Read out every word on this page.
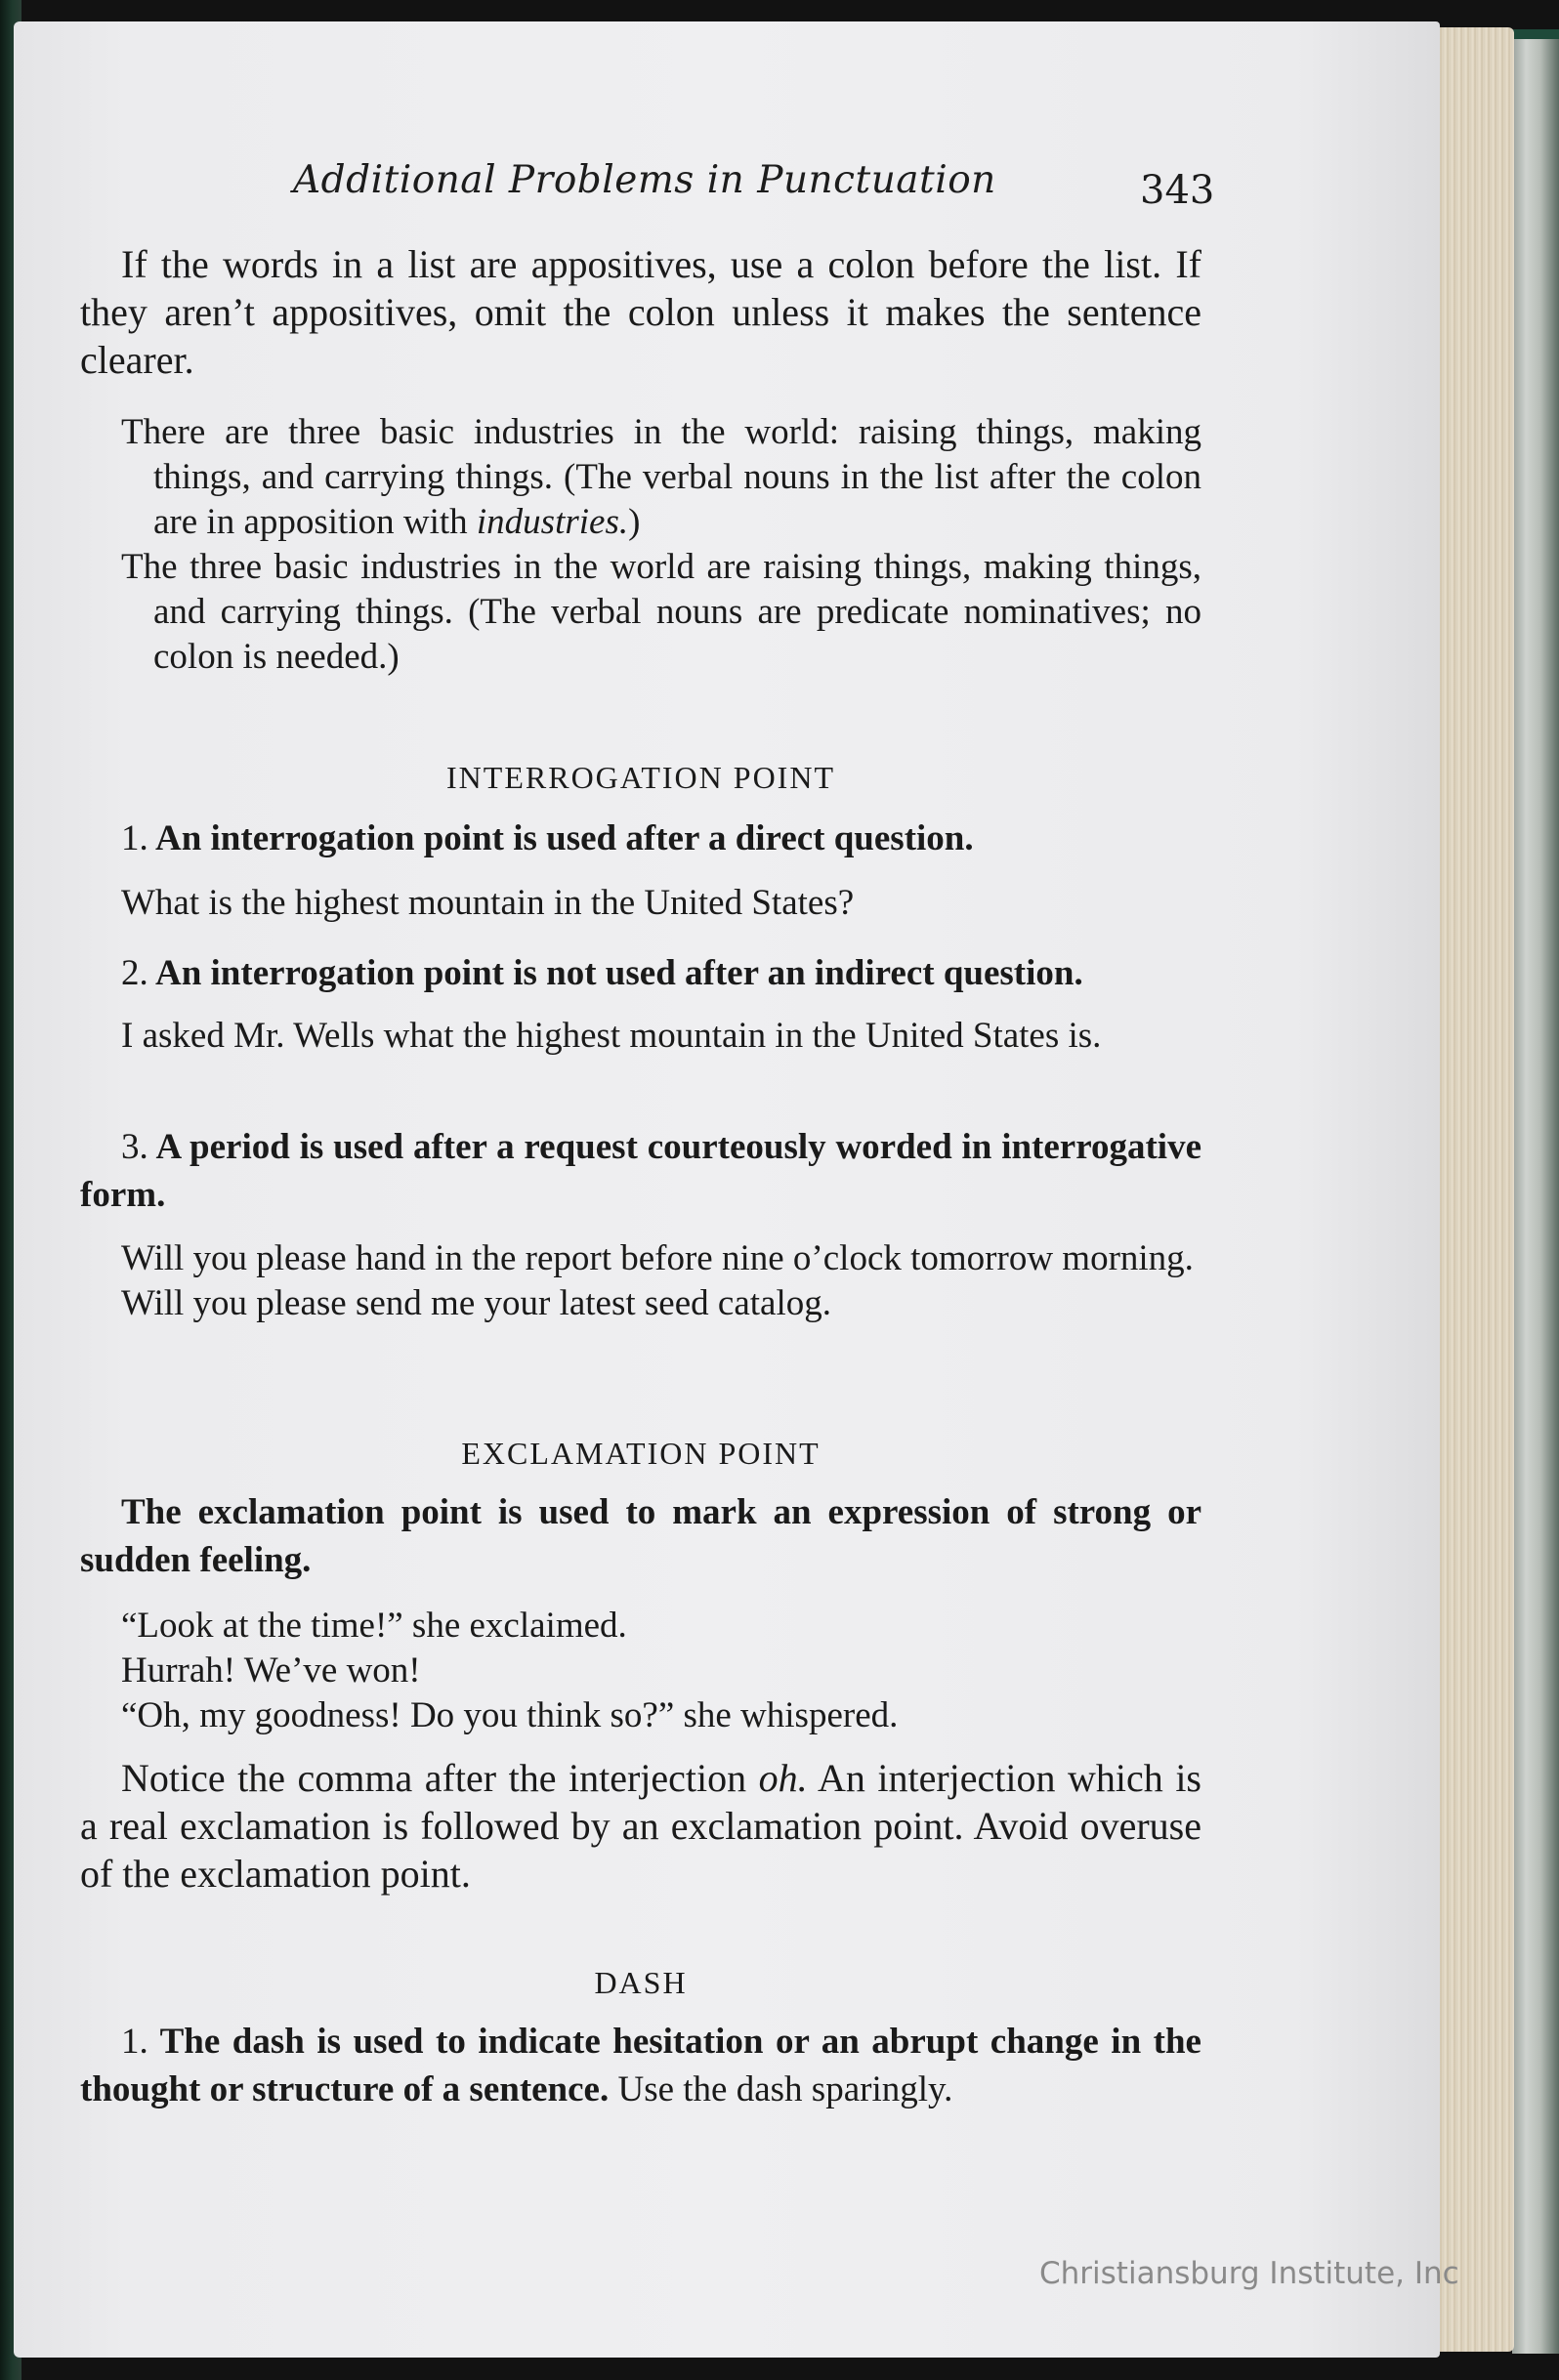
Additional Problems in Punctuation	343

If the words in a list are appositives, use a colon before the list. If they aren’t appositives, omit the colon unless it makes the sentence clearer.

There are three basic industries in the world: raising things, making things, and carrying things. (The verbal nouns in the list after the colon are in apposition with industries.)

The three basic industries in the world are raising things, making things, and carrying things. (The verbal nouns are predicate nominatives; no colon is needed.)

INTERROGATION POINT

1. An interrogation point is used after a direct question.

What is the highest mountain in the United States?

2. An interrogation point is not used after an indirect question.

I asked Mr. Wells what the highest mountain in the United States is.

3. A period is used after a request courteously worded in interrogative form.

Will you please hand in the report before nine o’clock tomorrow morning.

Will you please send me your latest seed catalog.

EXCLAMATION POINT

The exclamation point is used to mark an expression of strong or sudden feeling.

“Look at the time!” she exclaimed.

Hurrah! We’ve won!

“Oh, my goodness! Do you think so?” she whispered.

Notice the comma after the interjection oh. An interjection which is a real exclamation is followed by an exclamation point. Avoid overuse of the exclamation point.

DASH

1. The dash is used to indicate hesitation or an abrupt change in the thought or structure of a sentence. Use the dash sparingly.

Christiansburg Institute, Inc
